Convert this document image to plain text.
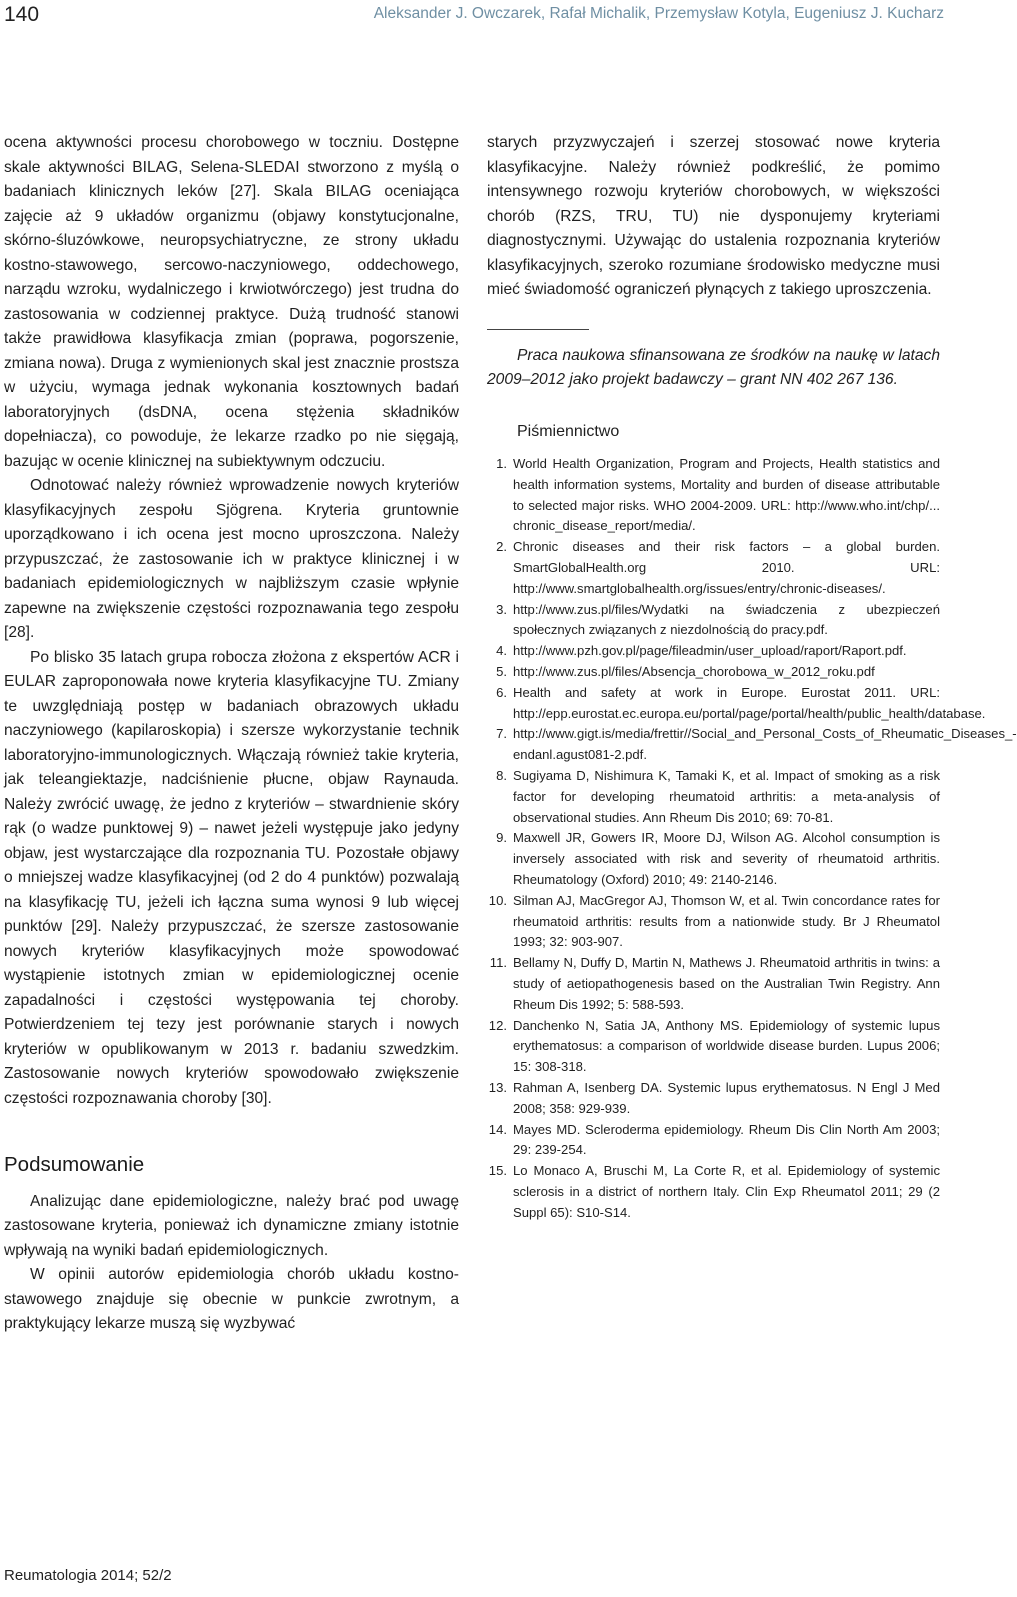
140	Aleksander J. Owczarek, Rafał Michalik, Przemysław Kotyla, Eugeniusz J. Kucharz

ocena aktywności procesu chorobowego w toczniu. Dostępne skale aktywności BILAG, Selena-SLEDAI stworzono z myślą o badaniach klinicznych leków [27]. Skala BILAG oceniająca zajęcie aż 9 układów organizmu (objawy konstytucjonalne, skórno-śluzówkowe, neuropsychiatryczne, ze strony układu kostno-stawowego, sercowo-naczyniowego, oddechowego, narządu wzroku, wydalniczego i krwiotwórczego) jest trudna do zastosowania w codziennej praktyce. Dużą trudność stanowi także prawidłowa klasyfikacja zmian (poprawa, pogorszenie, zmiana nowa). Druga z wymienionych skal jest znacznie prostsza w użyciu, wymaga jednak wykonania kosztownych badań laboratoryjnych (dsDNA, ocena stężenia składników dopełniacza), co powoduje, że lekarze rzadko po nie sięgają, bazując w ocenie klinicznej na subiektywnym odczuciu.

Odnotować należy również wprowadzenie nowych kryteriów klasyfikacyjnych zespołu Sjögrena. Kryteria gruntownie uporządkowano i ich ocena jest mocno uproszczona. Należy przypuszczać, że zastosowanie ich w praktyce klinicznej i w badaniach epidemiologicznych w najbliższym czasie wpłynie zapewne na zwiększenie częstości rozpoznawania tego zespołu [28].

Po blisko 35 latach grupa robocza złożona z ekspertów ACR i EULAR zaproponowała nowe kryteria klasyfikacyjne TU. Zmiany te uwzględniają postęp w badaniach obrazowych układu naczyniowego (kapilaroskopia) i szersze wykorzystanie technik laboratoryjno-immunologicznych. Włączają również takie kryteria, jak teleangiektazje, nadciśnienie płucne, objaw Raynauda. Należy zwrócić uwagę, że jedno z kryteriów – stwardnienie skóry rąk (o wadze punktowej 9) – nawet jeżeli występuje jako jedyny objaw, jest wystarczające dla rozpoznania TU. Pozostałe objawy o mniejszej wadze klasyfikacyjnej (od 2 do 4 punktów) pozwalają na klasyfikację TU, jeżeli ich łączna suma wynosi 9 lub więcej punktów [29]. Należy przypuszczać, że szersze zastosowanie nowych kryteriów klasyfikacyjnych może spowodować wystąpienie istotnych zmian w epidemiologicznej ocenie zapadalności i częstości występowania tej choroby. Potwierdzeniem tej tezy jest porównanie starych i nowych kryteriów w opublikowanym w 2013 r. badaniu szwedzkim. Zastosowanie nowych kryteriów spowodowało zwiększenie częstości rozpoznawania choroby [30].

Podsumowanie

Analizując dane epidemiologiczne, należy brać pod uwagę zastosowane kryteria, ponieważ ich dynamiczne zmiany istotnie wpływają na wyniki badań epidemiologicznych.

W opinii autorów epidemiologia chorób układu kostno-stawowego znajduje się obecnie w punkcie zwrotnym, a praktykujący lekarze muszą się wyzbywać

starych przyzwyczajeń i szerzej stosować nowe kryteria klasyfikacyjne. Należy również podkreślić, że pomimo intensywnego rozwoju kryteriów chorobowych, w większości chorób (RZS, TRU, TU) nie dysponujemy kryteriami diagnostycznymi. Używając do ustalenia rozpoznania kryteriów klasyfikacyjnych, szeroko rozumiane środowisko medyczne musi mieć świadomość ograniczeń płynących z takiego uproszczenia.

Praca naukowa sfinansowana ze środków na naukę w latach 2009–2012 jako projekt badawczy – grant NN 402 267 136.

Piśmiennictwo
1. World Health Organization, Program and Projects, Health statistics and health information systems, Mortality and burden of disease attributable to selected major risks. WHO 2004-2009. URL: http://www.who.int/chp/... chronic_disease_report/media/.
2. Chronic diseases and their risk factors – a global burden. SmartGlobalHealth.org 2010. URL: http://www.smartglobalhealth.org/issues/entry/chronic-diseases/.
3. http://www.zus.pl/files/Wydatki na świadczenia z ubezpieczeń społecznych związanych z niezdolnością do pracy.pdf.
4. http://www.pzh.gov.pl/page/fileadmin/user_upload/raport/Raport.pdf.
5. http://www.zus.pl/files/Absencja_chorobowa_w_2012_roku.pdf
6. Health and safety at work in Europe. Eurostat 2011. URL: http://epp.eurostat.ec.europa.eu/portal/page/portal/health/public_health/database.
7. http://www.gigt.is/media/frettir//Social_and_Personal_Costs_of_Rheumatic_Diseases_-endanl.agust081-2.pdf.
8. Sugiyama D, Nishimura K, Tamaki K, et al. Impact of smoking as a risk factor for developing rheumatoid arthritis: a meta-analysis of observational studies. Ann Rheum Dis 2010; 69: 70-81.
9. Maxwell JR, Gowers IR, Moore DJ, Wilson AG. Alcohol consumption is inversely associated with risk and severity of rheumatoid arthritis. Rheumatology (Oxford) 2010; 49: 2140-2146.
10. Silman AJ, MacGregor AJ, Thomson W, et al. Twin concordance rates for rheumatoid arthritis: results from a nationwide study. Br J Rheumatol 1993; 32: 903-907.
11. Bellamy N, Duffy D, Martin N, Mathews J. Rheumatoid arthritis in twins: a study of aetiopathogenesis based on the Australian Twin Registry. Ann Rheum Dis 1992; 5: 588-593.
12. Danchenko N, Satia JA, Anthony MS. Epidemiology of systemic lupus erythematosus: a comparison of worldwide disease burden. Lupus 2006; 15: 308-318.
13. Rahman A, Isenberg DA. Systemic lupus erythematosus. N Engl J Med 2008; 358: 929-939.
14. Mayes MD. Scleroderma epidemiology. Rheum Dis Clin North Am 2003; 29: 239-254.
15. Lo Monaco A, Bruschi M, La Corte R, et al. Epidemiology of systemic sclerosis in a district of northern Italy. Clin Exp Rheumatol 2011; 29 (2 Suppl 65): S10-S14.
Reumatologia 2014; 52/2
